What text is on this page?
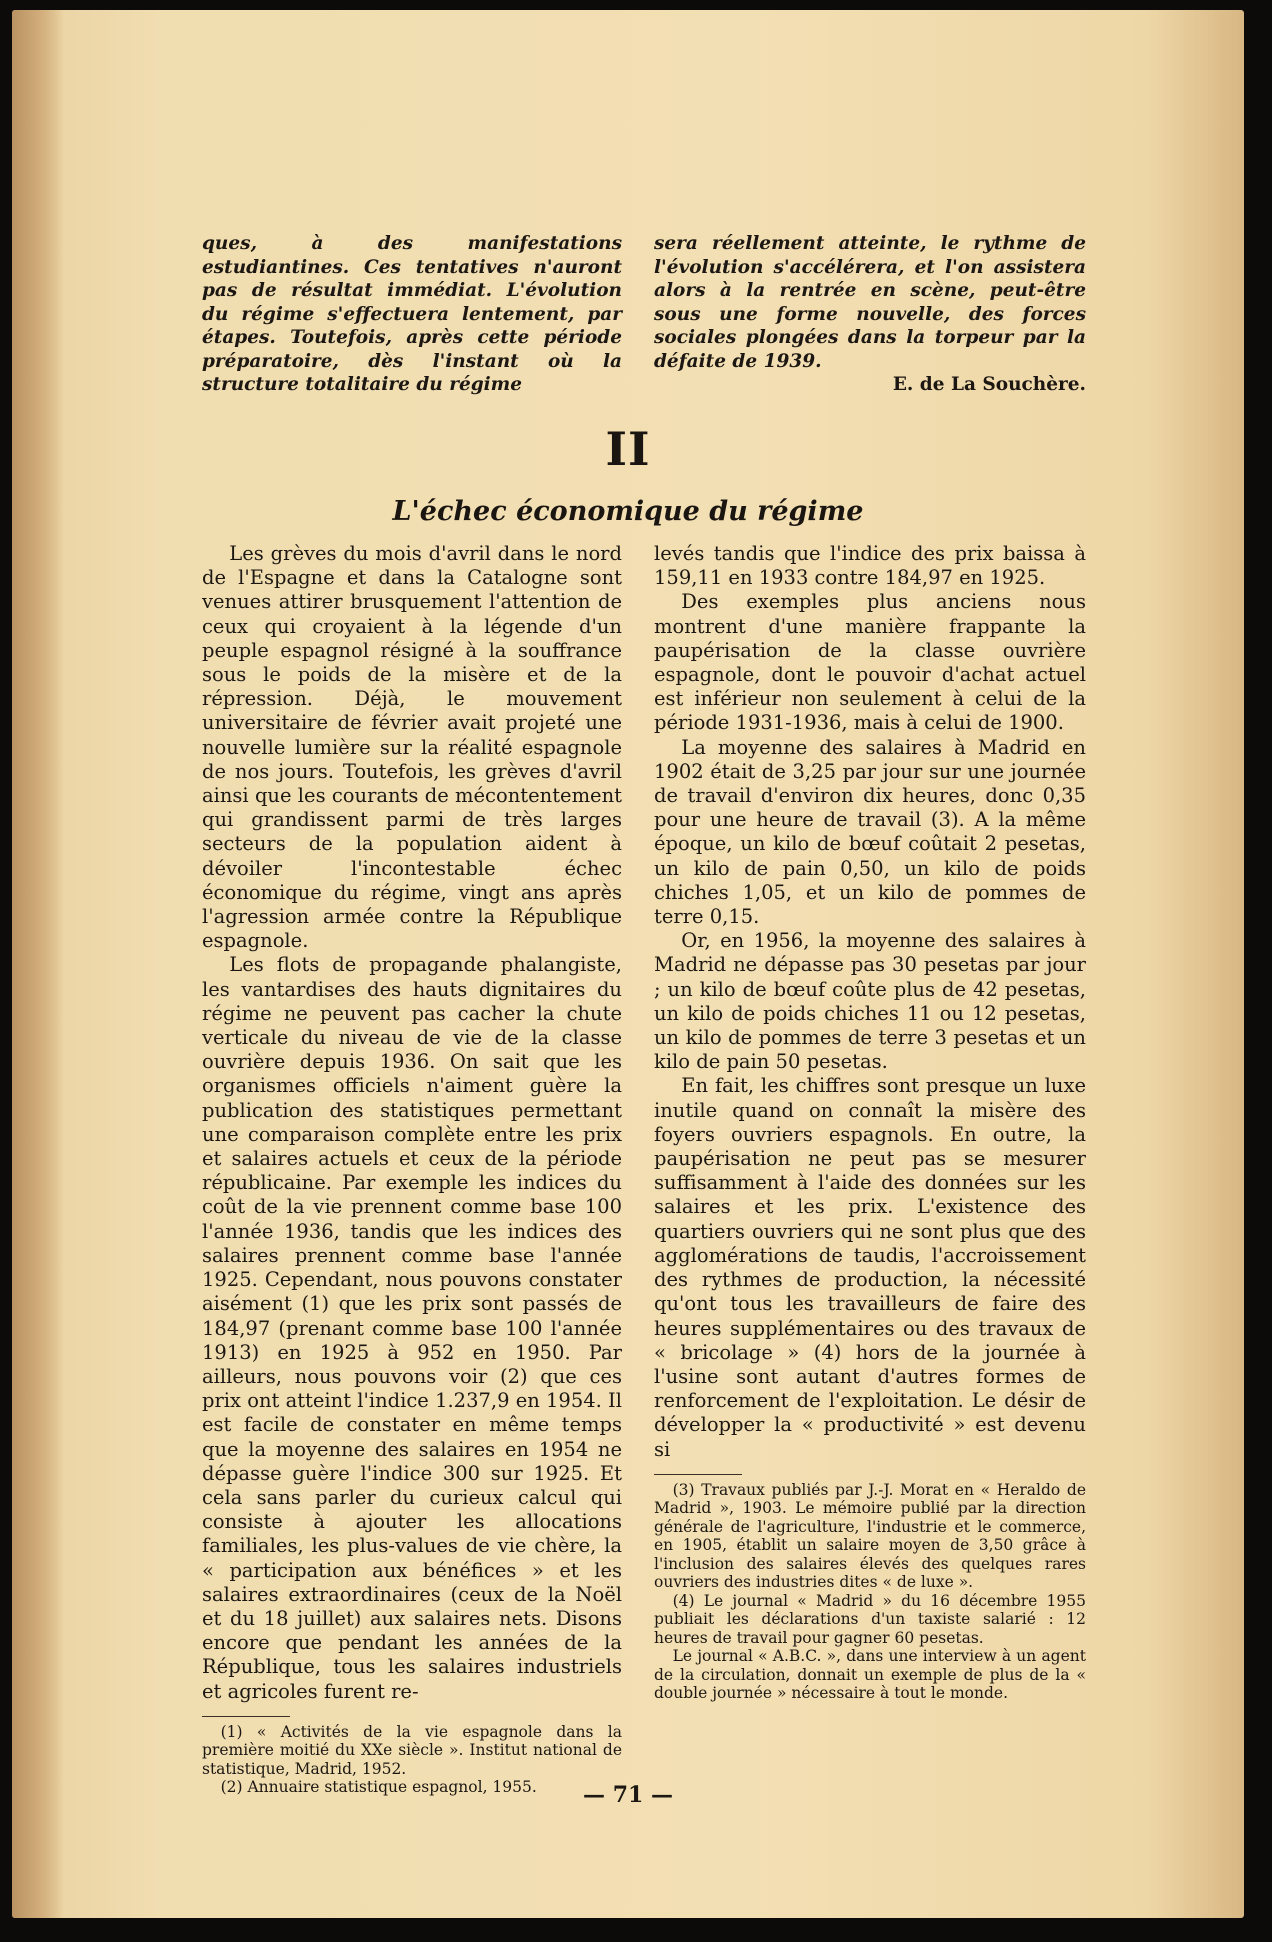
ques, à des manifestations estudiantines. Ces tentatives n'auront pas de résultat immédiat. L'évolution du régime s'effectuera lentement, par étapes. Toutefois, après cette période préparatoire, dès l'instant où la structure totalitaire du régime

sera réellement atteinte, le rythme de l'évolution s'accélérera, et l'on assistera alors à la rentrée en scène, peut-être sous une forme nouvelle, des forces sociales plongées dans la torpeur par la défaite de 1939.

E. de La Souchère.

II
L'échec économique du régime

Les grèves du mois d'avril dans le nord de l'Espagne et dans la Catalogne sont venues attirer brusquement l'attention de ceux qui croyaient à la légende d'un peuple espagnol résigné à la souffrance sous le poids de la misère et de la répression. Déjà, le mouvement universitaire de février avait projeté une nouvelle lumière sur la réalité espagnole de nos jours. Toutefois, les grèves d'avril ainsi que les courants de mécontentement qui grandissent parmi de très larges secteurs de la population aident à dévoiler l'incontestable échec économique du régime, vingt ans après l'agression armée contre la République espagnole.

Les flots de propagande phalangiste, les vantardises des hauts dignitaires du régime ne peuvent pas cacher la chute verticale du niveau de vie de la classe ouvrière depuis 1936. On sait que les organismes officiels n'aiment guère la publication des statistiques permettant une comparaison complète entre les prix et salaires actuels et ceux de la période républicaine. Par exemple les indices du coût de la vie prennent comme base 100 l'année 1936, tandis que les indices des salaires prennent comme base l'année 1925. Cependant, nous pouvons constater aisément (1) que les prix sont passés de 184,97 (prenant comme base 100 l'année 1913) en 1925 à 952 en 1950. Par ailleurs, nous pouvons voir (2) que ces prix ont atteint l'indice 1.237,9 en 1954. Il est facile de constater en même temps que la moyenne des salaires en 1954 ne dépasse guère l'indice 300 sur 1925. Et cela sans parler du curieux calcul qui consiste à ajouter les allocations familiales, les plus-values de vie chère, la « participation aux bénéfices » et les salaires extraordinaires (ceux de la Noël et du 18 juillet) aux salaires nets. Disons encore que pendant les années de la République, tous les salaires industriels et agricoles furent re-

(1) « Activités de la vie espagnole dans la première moitié du XXe siècle ». Institut national de statistique, Madrid, 1952.

(2) Annuaire statistique espagnol, 1955.

levés tandis que l'indice des prix baissa à 159,11 en 1933 contre 184,97 en 1925.

Des exemples plus anciens nous montrent d'une manière frappante la paupérisation de la classe ouvrière espagnole, dont le pouvoir d'achat actuel est inférieur non seulement à celui de la période 1931-1936, mais à celui de 1900.

La moyenne des salaires à Madrid en 1902 était de 3,25 par jour sur une journée de travail d'environ dix heures, donc 0,35 pour une heure de travail (3). A la même époque, un kilo de bœuf coûtait 2 pesetas, un kilo de pain 0,50, un kilo de poids chiches 1,05, et un kilo de pommes de terre 0,15.

Or, en 1956, la moyenne des salaires à Madrid ne dépasse pas 30 pesetas par jour ; un kilo de bœuf coûte plus de 42 pesetas, un kilo de poids chiches 11 ou 12 pesetas, un kilo de pommes de terre 3 pesetas et un kilo de pain 50 pesetas.

En fait, les chiffres sont presque un luxe inutile quand on connaît la misère des foyers ouvriers espagnols. En outre, la paupérisation ne peut pas se mesurer suffisamment à l'aide des données sur les salaires et les prix. L'existence des quartiers ouvriers qui ne sont plus que des agglomérations de taudis, l'accroissement des rythmes de production, la nécessité qu'ont tous les travailleurs de faire des heures supplémentaires ou des travaux de « bricolage » (4) hors de la journée à l'usine sont autant d'autres formes de renforcement de l'exploitation. Le désir de développer la « productivité » est devenu si

(3) Travaux publiés par J.-J. Morat en « Heraldo de Madrid », 1903. Le mémoire publié par la direction générale de l'agriculture, l'industrie et le commerce, en 1905, établit un salaire moyen de 3,50 grâce à l'inclusion des salaires élevés des quelques rares ouvriers des industries dites « de luxe ».

(4) Le journal « Madrid » du 16 décembre 1955 publiait les déclarations d'un taxiste salarié : 12 heures de travail pour gagner 60 pesetas.

Le journal « A.B.C. », dans une interview à un agent de la circulation, donnait un exemple de plus de la « double journée » nécessaire à tout le monde.

— 71 —
